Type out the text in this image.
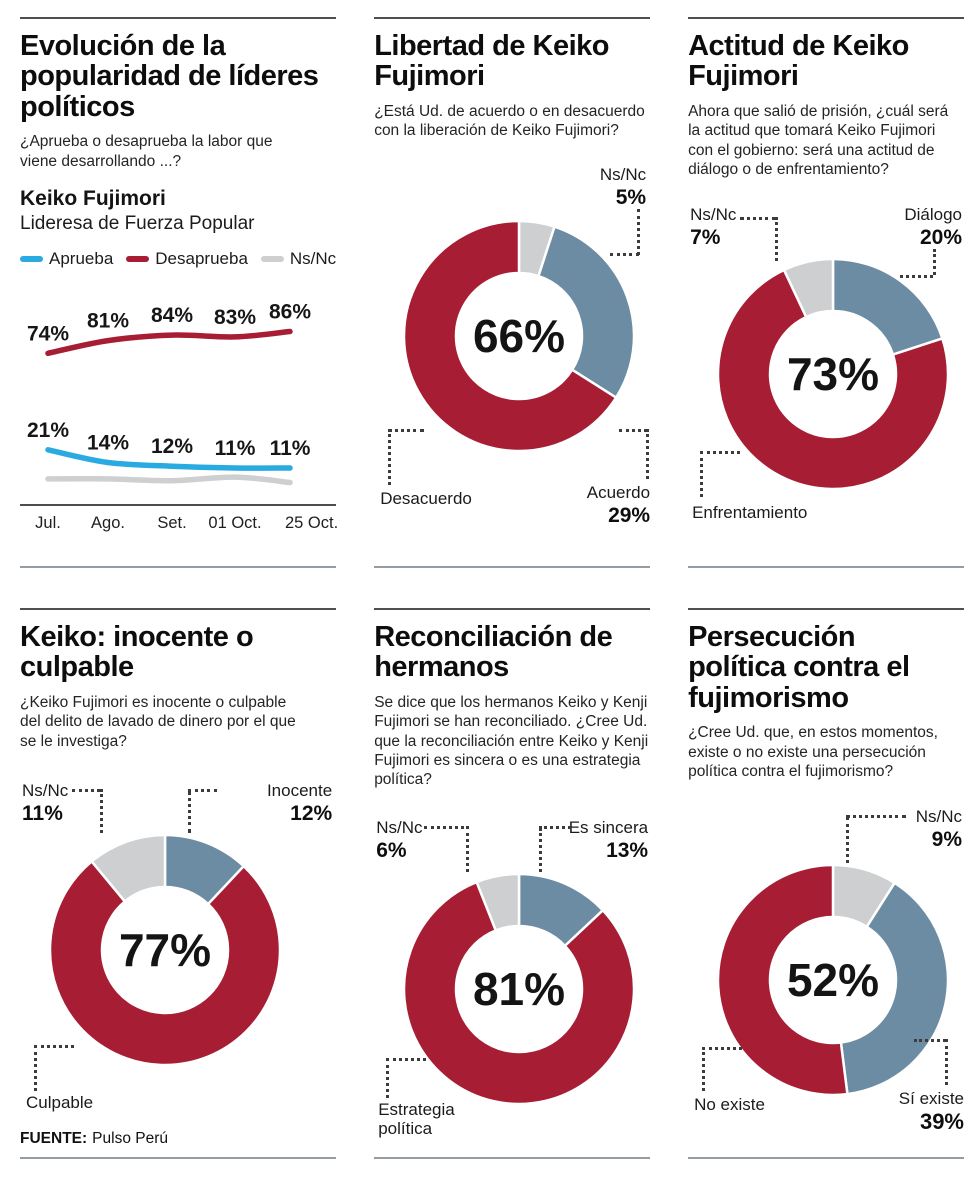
Evolución de la popularidad de líderes políticos

¿Aprueba o desaprueba la labor que viene desarrollando ...?

Keiko Fujimori
Lideresa de Fuerza Popular
Aprueba Desaprueba Ns/Nc
21%
14% 12% 11% 11%
74%
81% 84% 83% 86%
Jul. Ago. Set. 01 Oct. 25 Oct.
2018
Libertad de Keiko Fujimori

¿Está Ud. de acuerdo o en desacuerdo con la liberación de Keiko Fujimori?

Ns/Nc
5%
66%
Desacuerdo	Acuerdo
29%
Actitud de Keiko Fujimori

Ahora que salió de prisión, ¿cuál será la actitud que tomará Keiko Fujimori con el gobierno: será una actitud de diálogo o de enfrentamiento?

Ns/Nc
7%
Diálogo
20%
73%
Enfrentamiento
Keiko: inocente o culpable

¿Keiko Fujimori es inocente o culpable del delito de lavado de dinero por el que se le investiga?

Ns/Nc
11%
Inocente
12%
77%
Culpable
FUENTE: Pulso Perú
Reconciliación de hermanos

Se dice que los hermanos Keiko y Kenji Fujimori se han reconciliado. ¿Cree Ud. que la reconciliación entre Keiko y Kenji Fujimori es sincera o es una estrategia política?

Ns/Nc
6%
Es sincera
13%
81%
Estrategia política
Persecución política contra el fujimorismo

¿Cree Ud. que, en estos momentos, existe o no existe una persecución política contra el fujimorismo?

Ns/Nc
9%
52%
No existe	Sí existe
39%
